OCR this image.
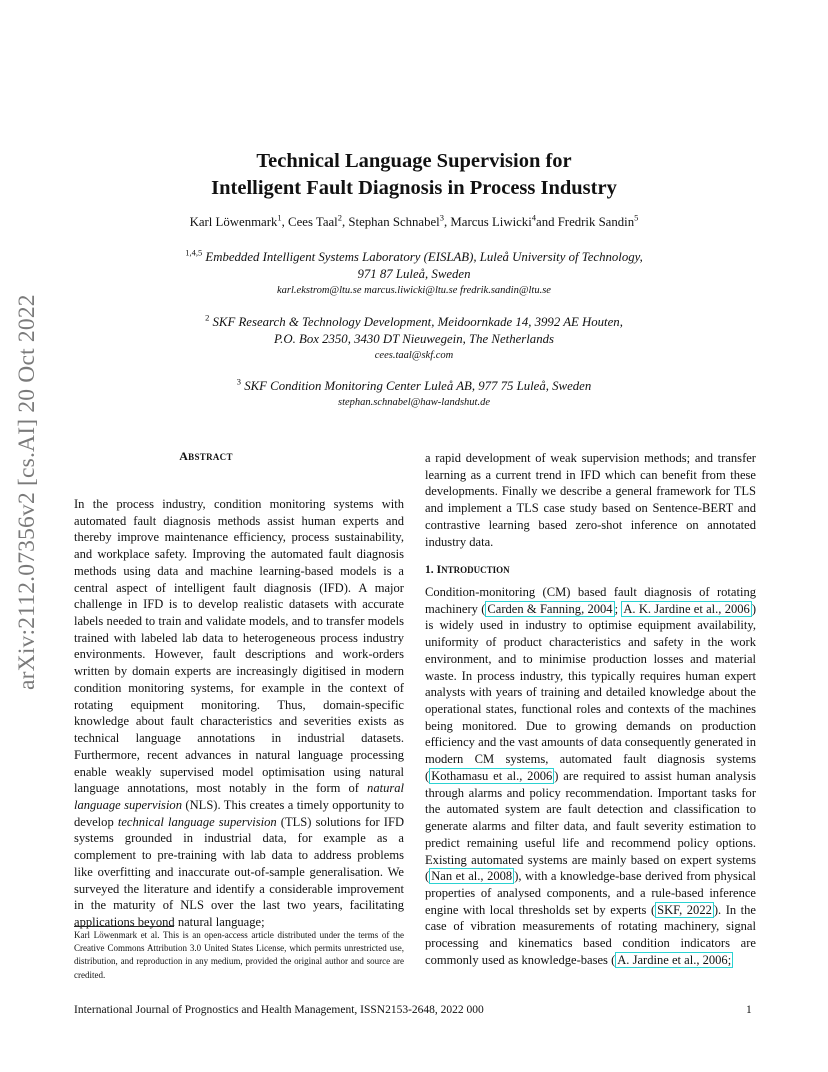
arXiv:2112.07356v2 [cs.AI] 20 Oct 2022
Technical Language Supervision for
Intelligent Fault Diagnosis in Process Industry
Karl Löwenmark$^1$, Cees Taal$^2$, Stephan Schnabel$^3$, Marcus Liwicki$^4$and Fredrik Sandin$^5$
$^{1,4,5}$ Embedded Intelligent Systems Laboratory (EISLAB), Luleå University of Technology,
971 87 Luleå, Sweden
karl.ekstrom@ltu.se marcus.liwicki@ltu.se fredrik.sandin@ltu.se
$^2$ SKF Research & Technology Development, Meidoornkade 14, 3992 AE Houten,
P.O. Box 2350, 3430 DT Nieuwegein, The Netherlands
cees.taal@skf.com
$^3$ SKF Condition Monitoring Center Luleå AB, 977 75 Luleå, Sweden
stephan.schnabel@haw-landshut.de
ABSTRACT

In the process industry, condition monitoring systems with automated fault diagnosis methods assist human experts and thereby improve maintenance efficiency, process sustainability, and workplace safety. Improving the automated fault diagnosis methods using data and machine learning-based models is a central aspect of intelligent fault diagnosis (IFD). A major challenge in IFD is to develop realistic datasets with accurate labels needed to train and validate models, and to transfer models trained with labeled lab data to heterogeneous process industry environments. However, fault descriptions and work-orders written by domain experts are increasingly digitised in modern condition monitoring systems, for example in the context of rotating equipment monitoring. Thus, domain-specific knowledge about fault characteristics and severities exists as technical language annotations in industrial datasets. Furthermore, recent advances in natural language processing enable weakly supervised model optimisation using natural language annotations, most notably in the form of natural language supervision (NLS). This creates a timely opportunity to develop technical language supervision (TLS) solutions for IFD systems grounded in industrial data, for example as a complement to pre-training with lab data to address problems like overfitting and inaccurate out-of-sample generalisation. We surveyed the literature and identify a considerable improvement in the maturity of NLS over the last two years, facilitating applications beyond natural language;

a rapid development of weak supervision methods; and transfer learning as a current trend in IFD which can benefit from these developments. Finally we describe a general framework for TLS and implement a TLS case study based on Sentence-BERT and contrastive learning based zero-shot inference on annotated industry data.

1. INTRODUCTION

Condition-monitoring (CM) based fault diagnosis of rotating machinery ( Carden & Fanning, 2004 ; A. K. Jardine et al., 2006 ) is widely used in industry to optimise equipment availability, uniformity of product characteristics and safety in the work environment, and to minimise production losses and material waste. In process industry, this typically requires human expert analysts with years of training and detailed knowledge about the operational states, functional roles and contexts of the machines being monitored. Due to growing demands on production efficiency and the vast amounts of data consequently generated in modern CM systems, automated fault diagnosis systems ( Kothamasu et al., 2006 ) are required to assist human analysis through alarms and policy recommendation. Important tasks for the automated system are fault detection and classification to generate alarms and filter data, and fault severity estimation to predict remaining useful life and recommend policy options. Existing automated systems are mainly based on expert systems ( Nan et al., 2008 ), with a knowledge-base derived from physical properties of analysed components, and a rule-based inference engine with local thresholds set by experts ( SKF, 2022 ). In the case of vibration measurements of rotating machinery, signal processing and kinematics based condition indicators are commonly used as knowledge-bases ( A. Jardine et al., 2006;

Karl Löwenmark et al. This is an open-access article distributed under the terms of the Creative Commons Attribution 3.0 United States License, which permits unrestricted use, distribution, and reproduction in any medium, provided the original author and source are credited.
International Journal of Prognostics and Health Management, ISSN2153-2648, 2022 000	1
